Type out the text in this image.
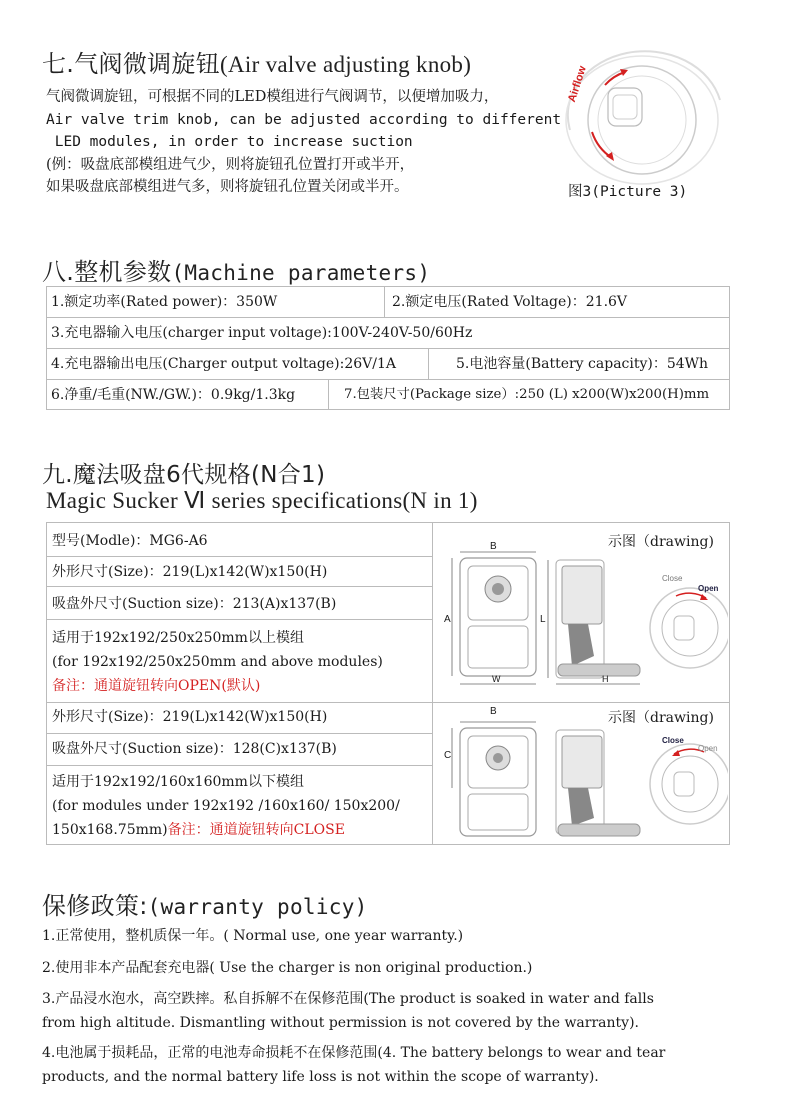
七.气阀微调旋钮(Air valve adjusting knob)
气阀微调旋钮，可根据不同的LED模组进行气阀调节，以便增加吸力，
Air valve trim knob, can be adjusted according to different
LED modules, in order to increase suction
(例：吸盘底部模组进气少，则将旋钮孔位置打开或半开，
如果吸盘底部模组进气多，则将旋钮孔位置关闭或半开。
Airflow
图3(Picture 3)
八.整机参数(Machine parameters)
1.额定功率(Rated power)：350W	2.额定电压(Rated Voltage)：21.6V
3.充电器输入电压(charger input voltage):100V-240V-50/60Hz
4.充电器输出电压(Charger output voltage):26V/1A	5.电池容量(Battery capacity)：54Wh
6.净重/毛重(NW./GW.)：0.9kg/1.3kg	7.包装尺寸(Package size）:250 (L) x200(W)x200(H)mm
九.魔法吸盘6代规格(N合1)
Magic Sucker Ⅵ series specifications(N in 1)
型号(Modle)：MG6-A6
外形尺寸(Size)：219(L)x142(W)x150(H)
吸盘外尺寸(Suction size)：213(A)x137(B)
适用于192x192/250x250mm以上模组
(for 192x192/250x250mm and above modules)
备注：通道旋钮转向OPEN(默认)
外形尺寸(Size)：219(L)x142(W)x150(H)
吸盘外尺寸(Suction size)：128(C)x137(B)
适用于192x192/160x160mm以下模组
(for modules under 192x192 /160x160/ 150x200/
150x168.75mm)备注：通道旋钮转向CLOSE
示图（drawing)
示图（drawing)
B
A	L
W	H
Close
Open
B
C
Close
Open
保修政策:(warranty policy)
1.正常使用，整机质保一年。( Normal use, one year warranty.)
2.使用非本产品配套充电器( Use the charger is non original production.)
3.产品浸水泡水，高空跌摔。私自拆解不在保修范围(The product is soaked in water and falls
from high altitude. Dismantling without permission is not covered by the warranty).
4.电池属于损耗品，正常的电池寿命损耗不在保修范围(4. The battery belongs to wear and tear
products, and the normal battery life loss is not within the scope of warranty).
